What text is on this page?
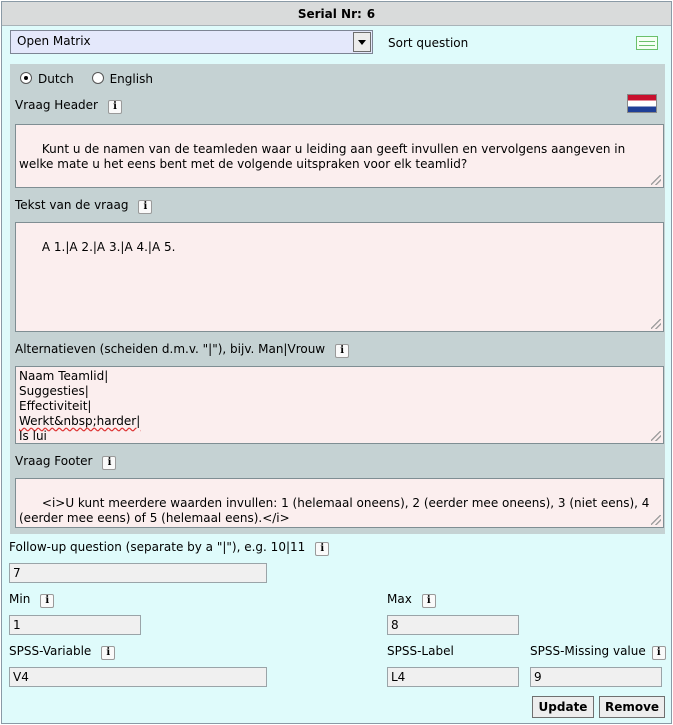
Serial Nr: 6
Open Matrix	Sort question
Dutch	English
Vraag Header i

Kunt u de namen van de teamleden waar u leiding aan geeft invullen en vervolgens aangeven in welke mate u het eens bent met de volgende uitspraken voor elk teamlid?

Tekst van de vraag i

A 1.|A 2.|A 3.|A 4.|A 5.

Alternatieven (scheiden d.m.v. "|"), bijv. Man|Vrouw i
Naam Teamlid|
Suggesties|
Effectiviteit|
Werkt&nbsp;harder|
Is lui
Vraag Footer i

<i>U kunt meerdere waarden invullen: 1 (helemaal oneens), 2 (eerder mee oneens), 3 (niet eens), 4 (eerder mee eens) of 5 (helemaal eens).</i>

Follow-up question (separate by a "|"), e.g. 10|11 i
7
Min i
1
Max i
8
SPSS-Variable i
V4
SPSS-Label
L4
SPSS-Missing value i
9
Update	Remove
